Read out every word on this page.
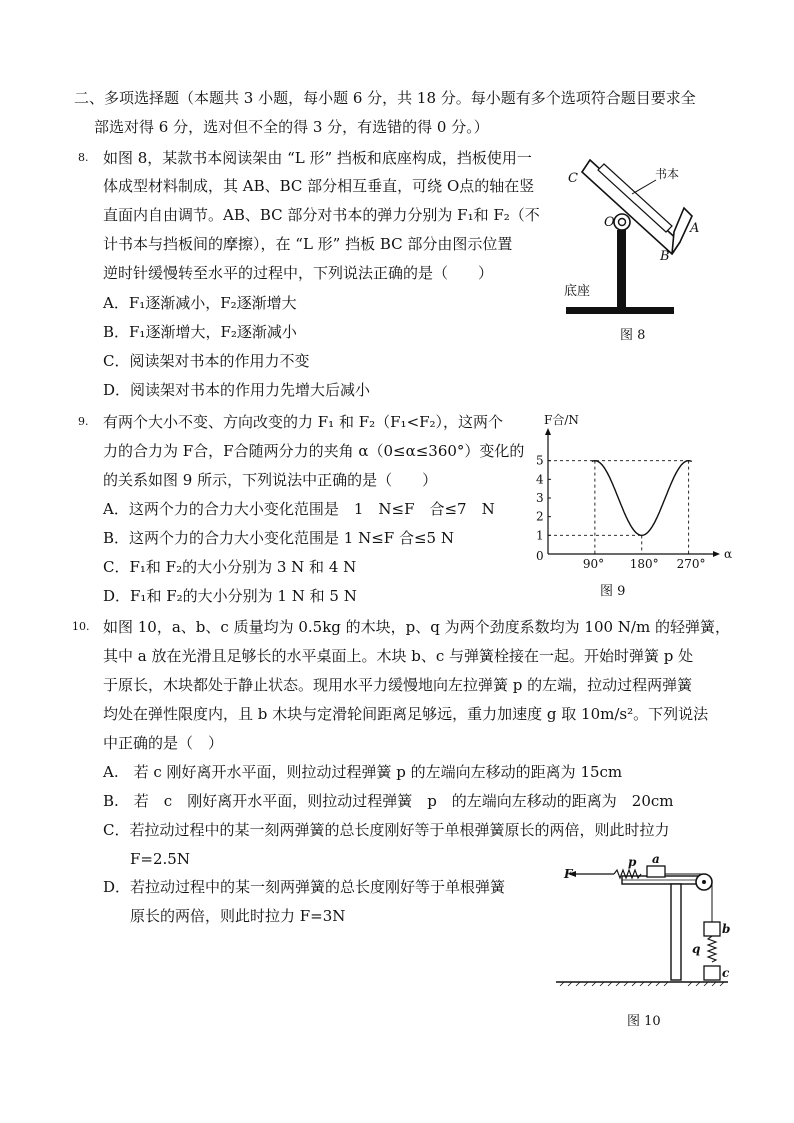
二、多项选择题（本题共 3 小题，每小题 6 分，共 18 分。每小题有多个选项符合题目要求全
部选对得 6 分，选对但不全的得 3 分，有选错的得 0 分。）
8. 如图 8，某款书本阅读架由 “L 形” 挡板和底座构成，挡板使用一
体成型材料制成，其 AB、BC 部分相互垂直，可绕 O点的轴在竖
直面内自由调节。AB、BC 部分对书本的弹力分别为 F₁和 F₂（不
计书本与挡板间的摩擦），在 “L 形” 挡板 BC 部分由图示位置
逆时针缓慢转至水平的过程中，下列说法正确的是（　　）
A．F₁逐渐减小，F₂逐渐增大
B．F₁逐渐增大，F₂逐渐减小
C．阅读架对书本的作用力不变
D．阅读架对书本的作用力先增大后减小
C	书本
O	A
B
底座
图 8
9. 有两个大小不变、方向改变的力 F₁ 和 F₂（F₁<F₂），这两个
力的合力为 F合，F合随两分力的夹角 α（0≤α≤360°）变化的
的关系如图 9 所示，下列说法中正确的是（　　）
A．这两个力的合力大小变化范围是　1　N≤F　合≤7　N
B．这两个力的合力大小变化范围是 1 N≤F 合≤5 N
C．F₁和 F₂的大小分别为 3 N 和 4 N
D．F₁和 F₂的大小分别为 1 N 和 5 N
1
2
3
4
5
0
90° 180° 270°
F合/N
α
图 9
10. 如图 10，a、b、c 质量均为 0.5kg 的木块，p、q 为两个劲度系数均为 100 N/m 的轻弹簧，
其中 a 放在光滑且足够长的水平桌面上。木块 b、c 与弹簧栓接在一起。开始时弹簧 p 处
于原长，木块都处于静止状态。现用水平力缓慢地向左拉弹簧 p 的左端，拉动过程两弹簧
均处在弹性限度内，且 b 木块与定滑轮间距离足够远，重力加速度 g 取 10m/s²。下列说法
中正确的是（　）
A.　若 c 刚好离开水平面，则拉动过程弹簧 p 的左端向左移动的距离为 15cm
B.　若　c　刚好离开水平面，则拉动过程弹簧　p　的左端向左移动的距离为　20cm
C．若拉动过程中的某一刻两弹簧的总长度刚好等于单根弹簧原长的两倍，则此时拉力
F=2.5N
D．若拉动过程中的某一刻两弹簧的总长度刚好等于单根弹簧
原长的两倍，则此时拉力 F=3N
F
p a
b
q
c
图 10
